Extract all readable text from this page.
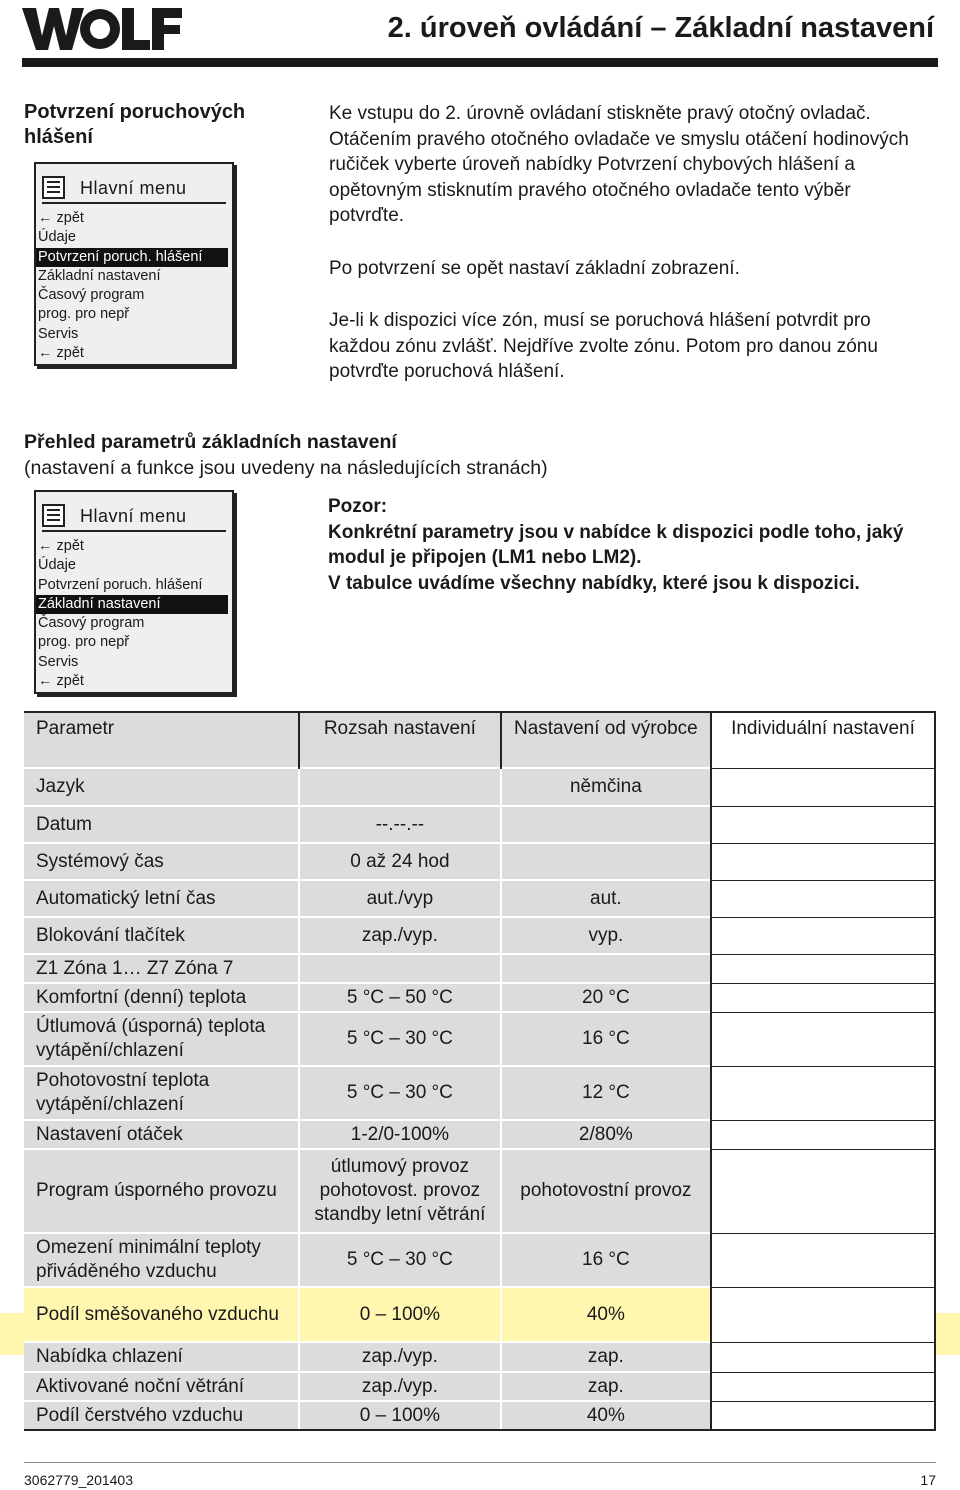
2. úroveň ovládání – Základní nastavení
Potvrzení poruchových hlášení
Hlavní menu
← zpět
Údaje
Potvrzení poruch. hlášení
Základní nastavení
Časový program
prog. pro nepř
Servis
← zpět
Ke vstupu do 2. úrovně ovládaní stiskněte pravý otočný ovladač. Otáčením pravého otočného ovladače ve smyslu otáčení hodinových ručiček vyberte úroveň nabídky Potvrzení chybových hlášení a opětovným stisknutím pravého otočného ovladače tento výběr potvrďte.
Po potvrzení se opět nastaví základní zobrazení.
Je-li k dispozici více zón, musí se poruchová hlášení potvrdit pro každou zónu zvlášť. Nejdříve zvolte zónu. Potom pro danou zónu potvrďte poruchová hlášení.
Přehled parametrů základních nastavení
(nastavení a funkce jsou uvedeny na následujících stranách)
Hlavní menu
← zpět
Údaje
Potvrzení poruch. hlášení
Základní nastavení
Časový program
prog. pro nepř
Servis
← zpět
Pozor:
Konkrétní parametry jsou v nabídce k dispozici podle toho, jaký modul je připojen (LM1 nebo LM2).
V tabulce uvádíme všechny nabídky, které jsou k dispozici.
Parametr	Rozsah nastavení	Nastavení od výrobce	Individuální nastavení
Jazyk		němčina	
Datum	--.--.--		
Systémový čas	0 až 24 hod		
Automatický letní čas	aut./vyp	aut.	
Blokování tlačítek	zap./vyp.	vyp.	
Z1 Zóna 1… Z7 Zóna 7			
Komfortní (denní) teplota	5 °C – 50 °C	20 °C	
Útlumová (úsporná) teplota vytápění/chlazení	5 °C – 30 °C	16 °C	
Pohotovostní teplota vytápění/chlazení	5 °C – 30 °C	12 °C	
Nastavení otáček	1-2/0-100%	2/80%	
Program úsporného provozu	útlumový provoz pohotovost. provoz standby letní větrání	pohotovostní provoz	
Omezení minimální teploty přiváděného vzduchu	5 °C – 30 °C	16 °C	
Podíl směšovaného vzduchu	0 – 100%	40%	
Nabídka chlazení	zap./vyp.	zap.	
Aktivované noční větrání	zap./vyp.	zap.	
Podíl čerstvého vzduchu	0 – 100%	40%	
3062779_201403	17
